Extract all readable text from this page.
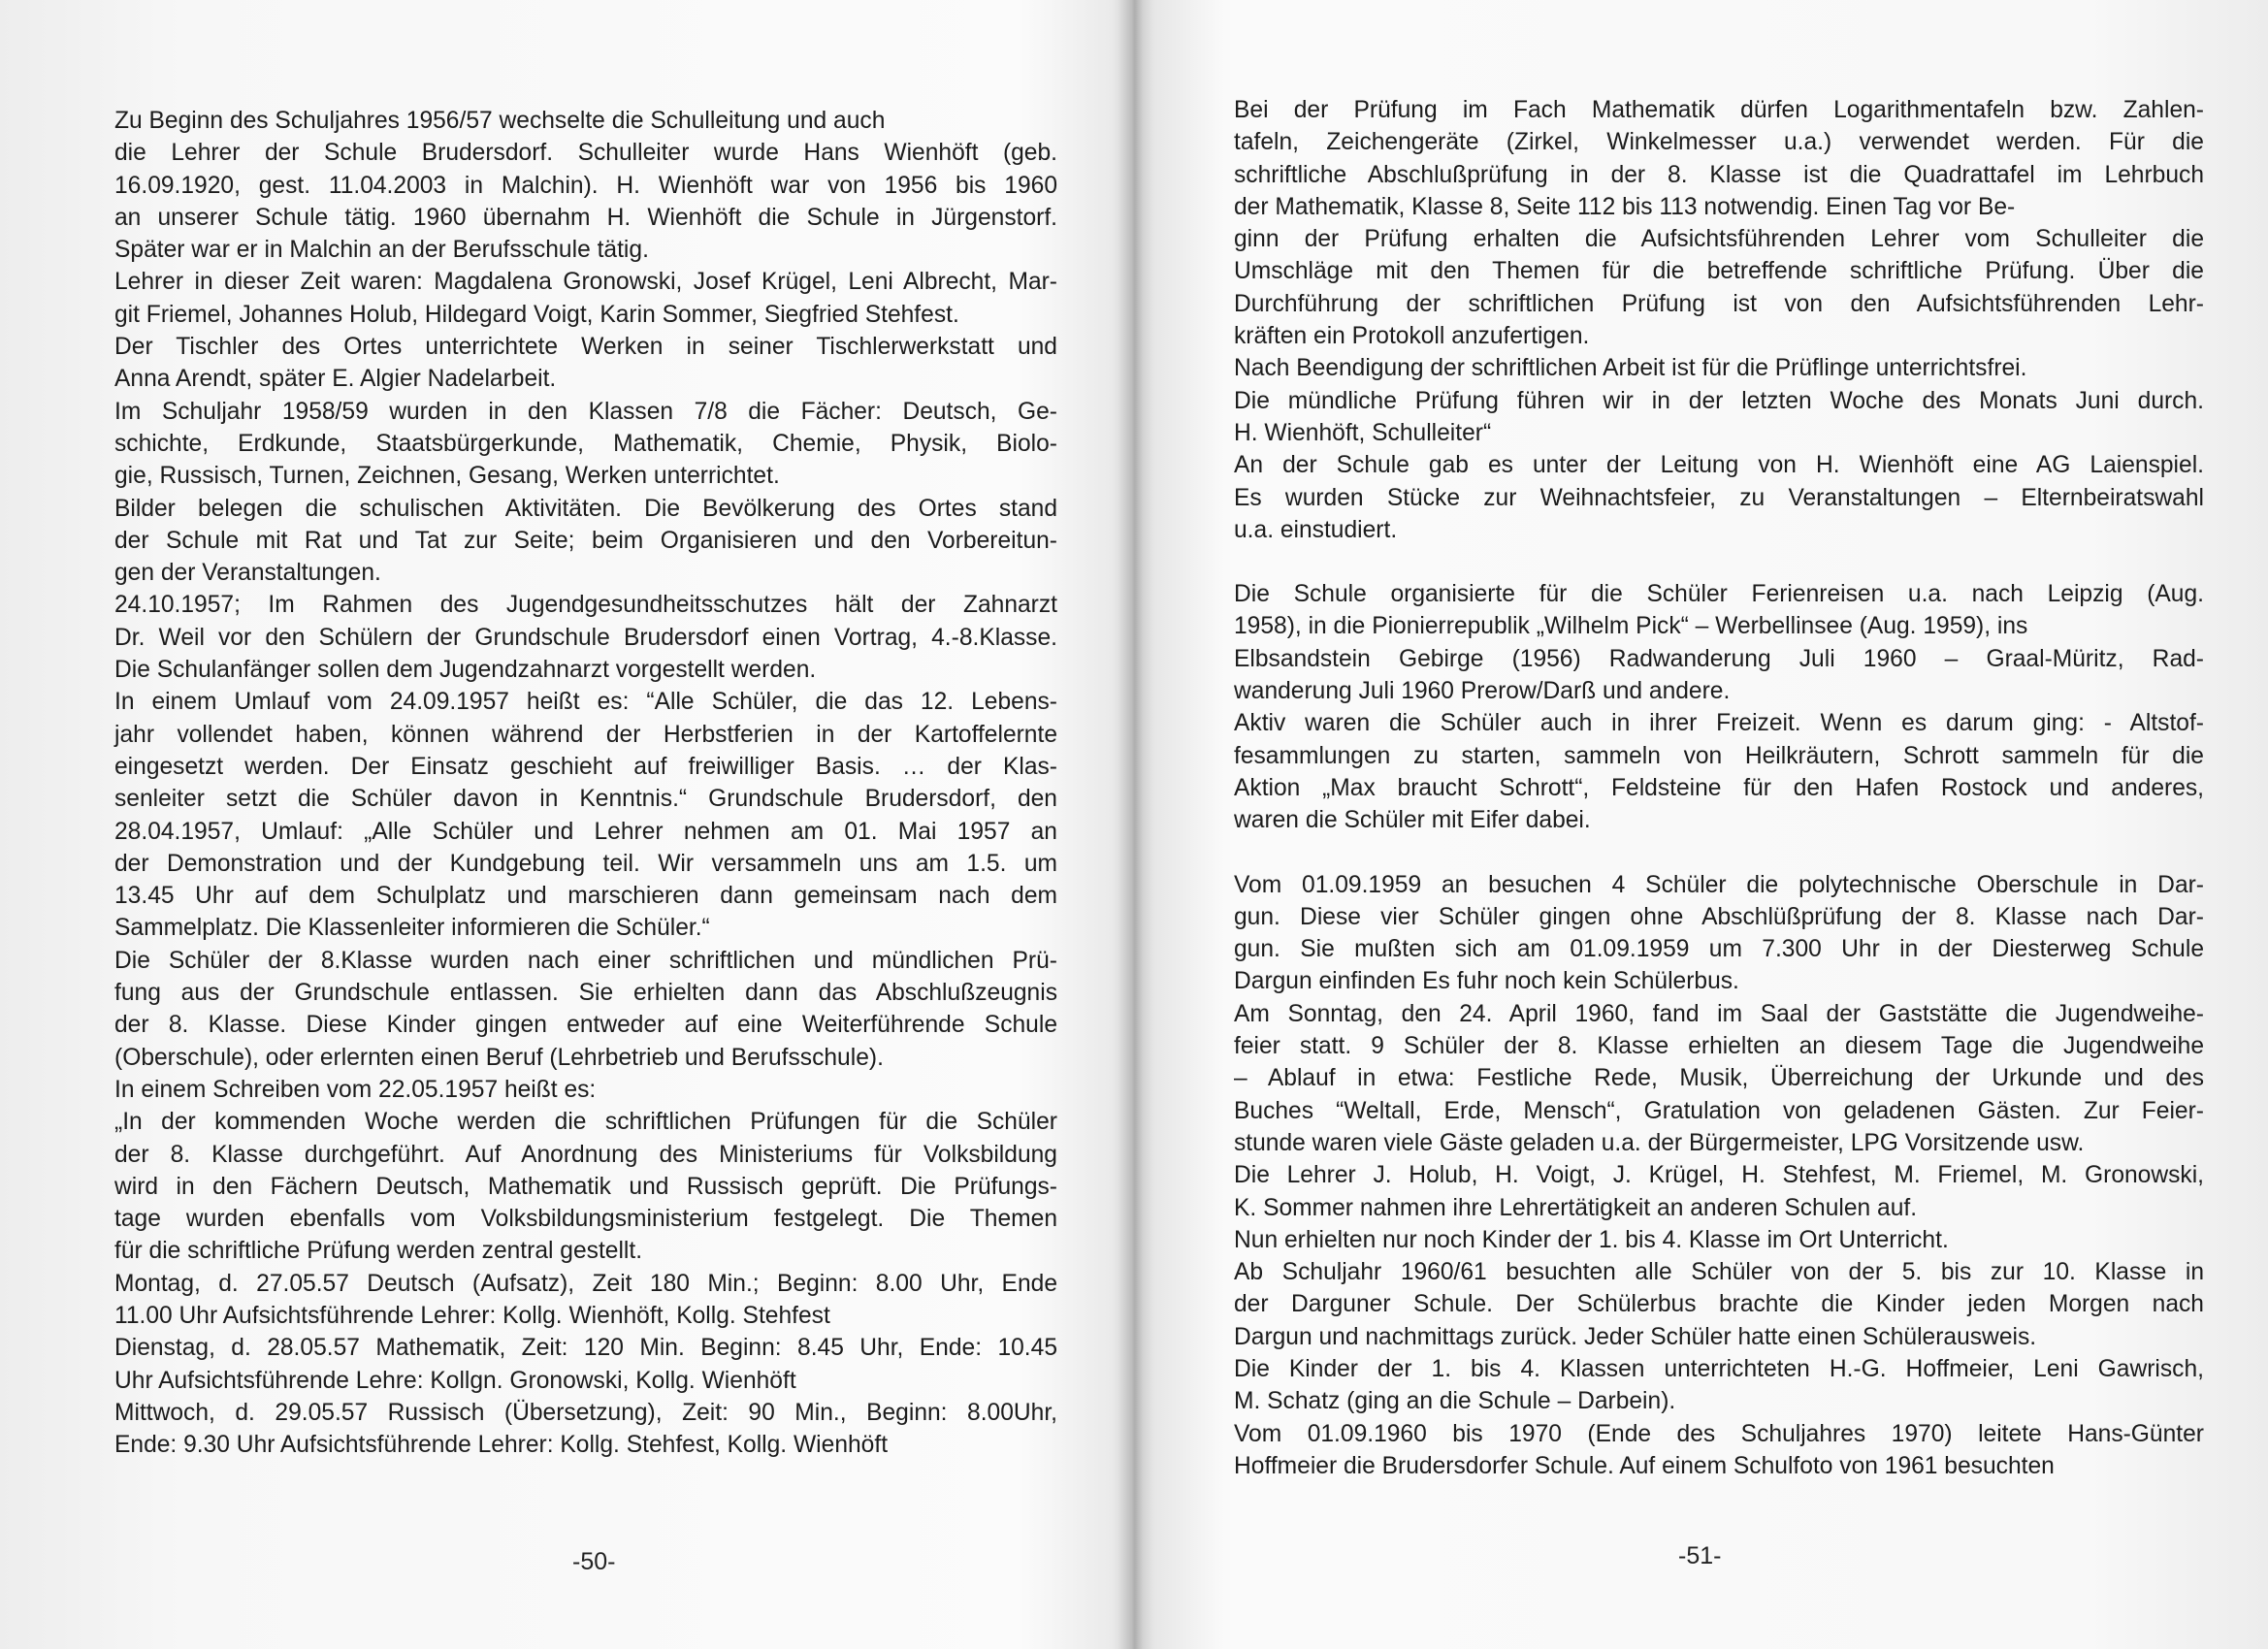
Zu Beginn des Schuljahres 1956/57 wechselte die Schulleitung und auch
die Lehrer der Schule Brudersdorf. Schulleiter wurde Hans Wienhöft (geb.
16.09.1920, gest. 11.04.2003 in Malchin). H. Wienhöft war von 1956 bis 1960
an unserer Schule tätig. 1960 übernahm H. Wienhöft die Schule in Jürgenstorf.
Später war er in Malchin an der Berufsschule tätig.

Lehrer in dieser Zeit waren: Magdalena Gronowski, Josef Krügel, Leni Albrecht, Mar-
git Friemel, Johannes Holub, Hildegard Voigt, Karin Sommer, Siegfried Stehfest.

Der Tischler des Ortes unterrichtete Werken in seiner Tischlerwerkstatt und
Anna Arendt, später E. Algier Nadelarbeit.

Im Schuljahr 1958/59 wurden in den Klassen 7/8 die Fächer: Deutsch, Ge-
schichte, Erdkunde, Staatsbürgerkunde, Mathematik, Chemie, Physik, Biolo-
gie, Russisch, Turnen, Zeichnen, Gesang, Werken unterrichtet.

Bilder belegen die schulischen Aktivitäten. Die Bevölkerung des Ortes stand
der Schule mit Rat und Tat zur Seite; beim Organisieren und den Vorbereitun-
gen der Veranstaltungen.

24.10.1957; Im Rahmen des Jugendgesundheitsschutzes hält der Zahnarzt
Dr. Weil vor den Schülern der Grundschule Brudersdorf einen Vortrag, 4.-8.Klasse.
Die Schulanfänger sollen dem Jugendzahnarzt vorgestellt werden.

In einem Umlauf vom 24.09.1957 heißt es: “Alle Schüler, die das 12. Lebens-
jahr vollendet haben, können während der Herbstferien in der Kartoffelernte
eingesetzt werden. Der Einsatz geschieht auf freiwilliger Basis. … der Klas-
senleiter setzt die Schüler davon in Kenntnis.“ Grundschule Brudersdorf, den
28.04.1957, Umlauf: „Alle Schüler und Lehrer nehmen am 01. Mai 1957 an
der Demonstration und der Kundgebung teil. Wir versammeln uns am 1.5. um
13.45 Uhr auf dem Schulplatz und marschieren dann gemeinsam nach dem
Sammelplatz. Die Klassenleiter informieren die Schüler.“

Die Schüler der 8.Klasse wurden nach einer schriftlichen und mündlichen Prü-
fung aus der Grundschule entlassen. Sie erhielten dann das Abschlußzeugnis
der 8. Klasse. Diese Kinder gingen entweder auf eine Weiterführende Schule
(Oberschule), oder erlernten einen Beruf (Lehrbetrieb und Berufsschule).

In einem Schreiben vom 22.05.1957 heißt es:

„In der kommenden Woche werden die schriftlichen Prüfungen für die Schüler
der 8. Klasse durchgeführt. Auf Anordnung des Ministeriums für Volksbildung
wird in den Fächern Deutsch, Mathematik und Russisch geprüft. Die Prüfungs-
tage wurden ebenfalls vom Volksbildungsministerium festgelegt. Die Themen
für die schriftliche Prüfung werden zentral gestellt.

Montag, d. 27.05.57 Deutsch (Aufsatz), Zeit 180 Min.; Beginn: 8.00 Uhr, Ende
11.00 Uhr Aufsichtsführende Lehrer: Kollg. Wienhöft, Kollg. Stehfest

Dienstag, d. 28.05.57 Mathematik, Zeit: 120 Min. Beginn: 8.45 Uhr, Ende: 10.45
Uhr Aufsichtsführende Lehre: Kollgn. Gronowski, Kollg. Wienhöft

Mittwoch, d. 29.05.57 Russisch (Übersetzung), Zeit: 90 Min., Beginn: 8.00Uhr,
Ende: 9.30 Uhr Aufsichtsführende Lehrer: Kollg. Stehfest, Kollg. Wienhöft

-50-

Bei der Prüfung im Fach Mathematik dürfen Logarithmentafeln bzw. Zahlen-
tafeln, Zeichengeräte (Zirkel, Winkelmesser u.a.) verwendet werden. Für die
schriftliche Abschlußprüfung in der 8. Klasse ist die Quadrattafel im Lehrbuch
der Mathematik, Klasse 8, Seite 112 bis 113 notwendig. Einen Tag vor Be-
ginn der Prüfung erhalten die Aufsichtsführenden Lehrer vom Schulleiter die
Umschläge mit den Themen für die betreffende schriftliche Prüfung. Über die
Durchführung der schriftlichen Prüfung ist von den Aufsichtsführenden Lehr-
kräften ein Protokoll anzufertigen.

Nach Beendigung der schriftlichen Arbeit ist für die Prüflinge unterrichtsfrei.
Die mündliche Prüfung führen wir in der letzten Woche des Monats Juni durch.
H. Wienhöft, Schulleiter“

An der Schule gab es unter der Leitung von H. Wienhöft eine AG Laienspiel.
Es wurden Stücke zur Weihnachtsfeier, zu Veranstaltungen – Elternbeiratswahl
u.a. einstudiert.

Die Schule organisierte für die Schüler Ferienreisen u.a. nach Leipzig (Aug.
1958), in die Pionierrepublik „Wilhelm Pick“ – Werbellinsee (Aug. 1959), ins
Elbsandstein Gebirge (1956) Radwanderung Juli 1960 – Graal-Müritz, Rad-
wanderung Juli 1960 Prerow/Darß und andere.

Aktiv waren die Schüler auch in ihrer Freizeit. Wenn es darum ging: - Altstof-
fesammlungen zu starten, sammeln von Heilkräutern, Schrott sammeln für die
Aktion „Max braucht Schrott“, Feldsteine für den Hafen Rostock und anderes,
waren die Schüler mit Eifer dabei.

Vom 01.09.1959 an besuchen 4 Schüler die polytechnische Oberschule in Dar-
gun. Diese vier Schüler gingen ohne Abschlüßprüfung der 8. Klasse nach Dar-
gun. Sie mußten sich am 01.09.1959 um 7.300 Uhr in der Diesterweg Schule
Dargun einfinden Es fuhr noch kein Schülerbus.

Am Sonntag, den 24. April 1960, fand im Saal der Gaststätte die Jugendweihe-
feier statt. 9 Schüler der 8. Klasse erhielten an diesem Tage die Jugendweihe
– Ablauf in etwa: Festliche Rede, Musik, Überreichung der Urkunde und des
Buches “Weltall, Erde, Mensch“, Gratulation von geladenen Gästen. Zur Feier-
stunde waren viele Gäste geladen u.a. der Bürgermeister, LPG Vorsitzende usw.

Die Lehrer J. Holub, H. Voigt, J. Krügel, H. Stehfest, M. Friemel, M. Gronowski,
K. Sommer nahmen ihre Lehrertätigkeit an anderen Schulen auf.

Nun erhielten nur noch Kinder der 1. bis 4. Klasse im Ort Unterricht.

Ab Schuljahr 1960/61 besuchten alle Schüler von der 5. bis zur 10. Klasse in
der Darguner Schule. Der Schülerbus brachte die Kinder jeden Morgen nach
Dargun und nachmittags zurück. Jeder Schüler hatte einen Schülerausweis.

Die Kinder der 1. bis 4. Klassen unterrichteten H.-G. Hoffmeier, Leni Gawrisch,
M. Schatz (ging an die Schule – Darbein).

Vom 01.09.1960 bis 1970 (Ende des Schuljahres 1970) leitete Hans-Günter
Hoffmeier die Brudersdorfer Schule. Auf einem Schulfoto von 1961 besuchten

-51-
